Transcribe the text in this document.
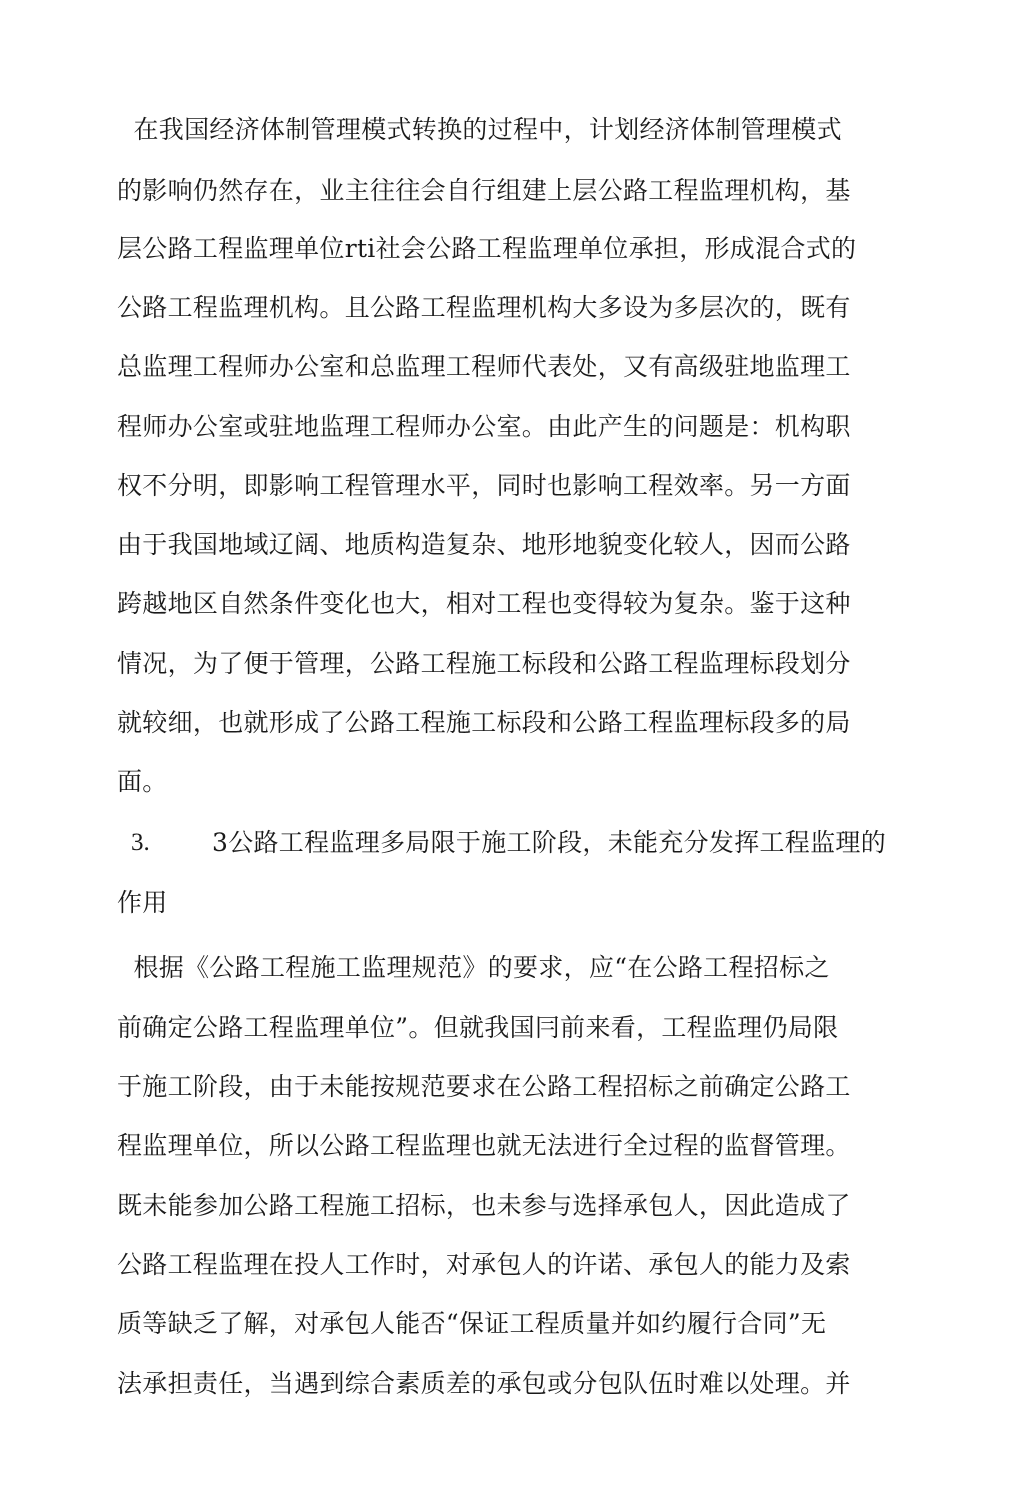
在我国经济体制管理模式转换的过程中，计划经济体制管理模式
的影响仍然存在，业主往往会自行组建上层公路工程监理机构，基
层公路工程监理单位rti社会公路工程监理单位承担，形成混合式的
公路工程监理机构。且公路工程监理机构大多设为多层次的，既有
总监理工程师办公室和总监理工程师代表处，又有高级驻地监理工
程师办公室或驻地监理工程师办公室。由此产生的问题是：机构职
权不分明，即影响工程管理水平，同时也影响工程效率。另一方面
由于我国地域辽阔、地质构造复杂、地形地貌变化较人，因而公路
跨越地区自然条件变化也大，相对工程也变得较为复杂。鉴于这种
情况，为了便于管理，公路工程施工标段和公路工程监理标段划分
就较细，也就形成了公路工程施工标段和公路工程监理标段多的局
面。
3. 3公路工程监理多局限于施工阶段，未能充分发挥工程监理的
作用
根据《公路工程施工监理规范》的要求，应“在公路工程招标之
前确定公路工程监理单位”。但就我国冃前来看，工程监理仍局限
于施工阶段，由于未能按规范要求在公路工程招标之前确定公路工
程监理单位，所以公路工程监理也就无法进行全过程的监督管理。
既未能参加公路工程施工招标，也未参与选择承包人，因此造成了
公路工程监理在投人工作时，对承包人的许诺、承包人的能力及索
质等缺乏了解，对承包人能否“保证工程质量并如约履行合同”无
法承担责任，当遇到综合素质差的承包或分包队伍时难以处理。并
